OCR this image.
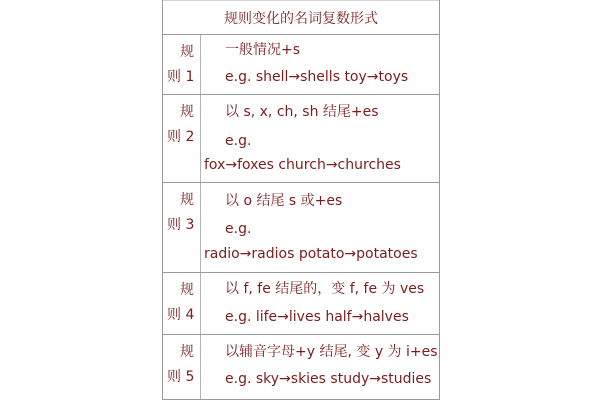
规则变化的名词复数形式
规
则 1
一般情况+s
e.g. shell→shells toy→toys
规
则 2
以 s, x, ch, sh 结尾+es
e.g.
fox→foxes church→churches
规
则 3
以 o 结尾 s 或+es
e.g.
radio→radios potato→potatoes
规
则 4
以 f, fe 结尾的，变 f, fe 为 ves
e.g. life→lives half→halves
规
则 5
以辅音字母+y 结尾, 变 y 为 i+es
e.g. sky→skies study→studies
